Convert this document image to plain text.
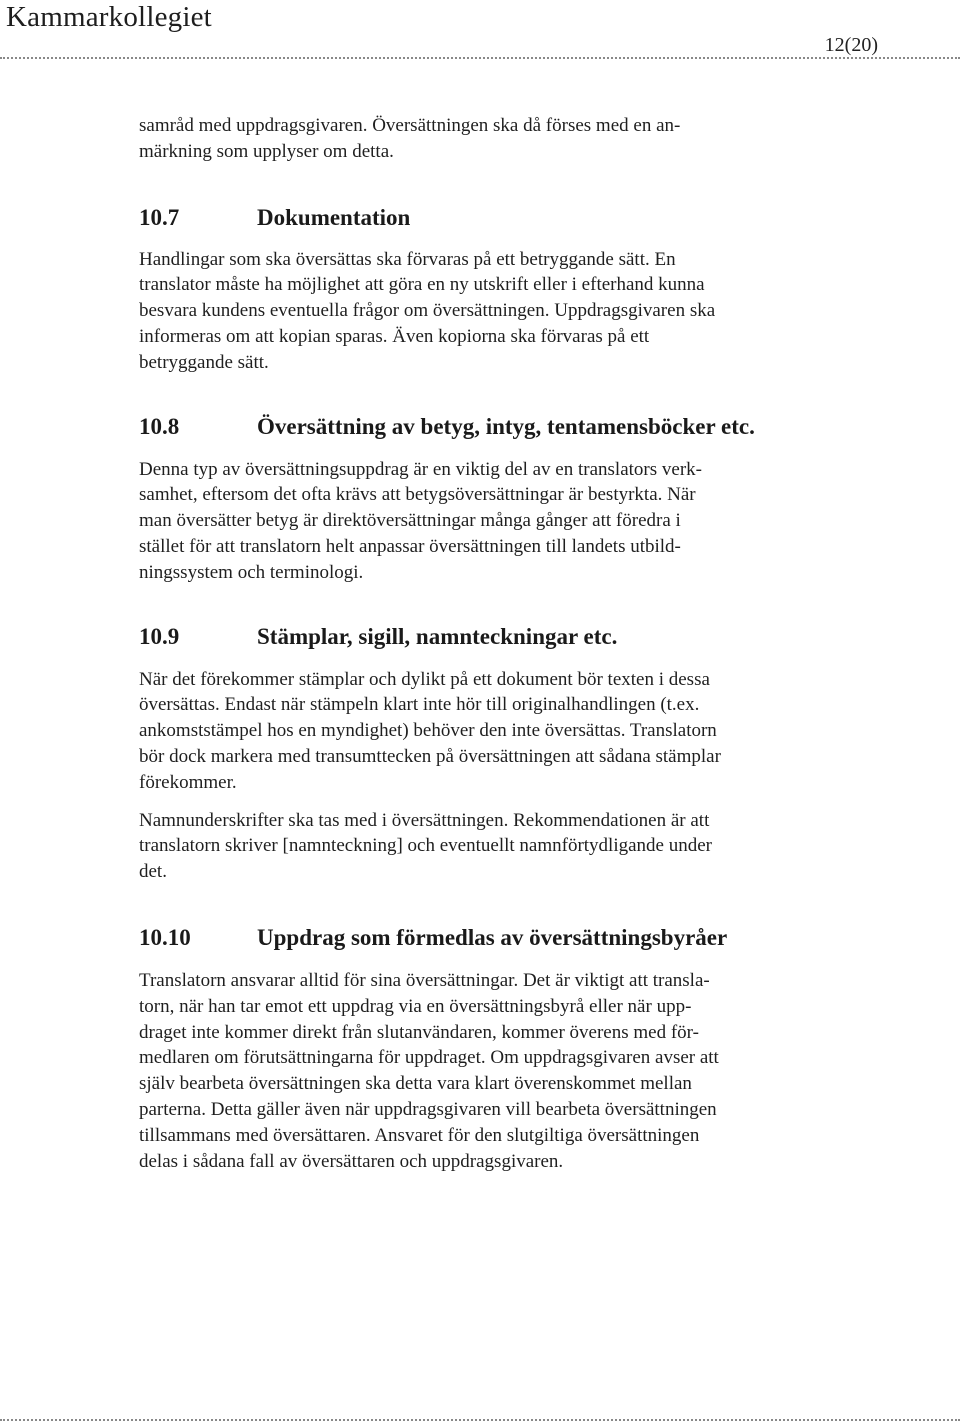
Kammarkollegiet
12(20)

samråd med uppdragsgivaren. Översättningen ska då förses med en an-
märkning som upplyser om detta.

10.7	Dokumentation

Handlingar som ska översättas ska förvaras på ett betryggande sätt. En
translator måste ha möjlighet att göra en ny utskrift eller i efterhand kunna
besvara kundens eventuella frågor om översättningen. Uppdragsgivaren ska
informeras om att kopian sparas. Även kopiorna ska förvaras på ett
betryggande sätt.

10.8	Översättning av betyg, intyg, tentamensböcker etc.

Denna typ av översättningsuppdrag är en viktig del av en translators verk-
samhet, eftersom det ofta krävs att betygsöversättningar är bestyrkta. När
man översätter betyg är direktöversättningar många gånger att föredra i
stället för att translatorn helt anpassar översättningen till landets utbild-
ningssystem och terminologi.

10.9	Stämplar, sigill, namnteckningar etc.

När det förekommer stämplar och dylikt på ett dokument bör texten i dessa
översättas. Endast när stämpeln klart inte hör till originalhandlingen (t.ex.
ankomststämpel hos en myndighet) behöver den inte översättas. Translatorn
bör dock markera med transumttecken på översättningen att sådana stämplar
förekommer.

Namnunderskrifter ska tas med i översättningen. Rekommendationen är att
translatorn skriver [namnteckning] och eventuellt namnförtydligande under
det.

10.10	Uppdrag som förmedlas av översättningsbyråer

Translatorn ansvarar alltid för sina översättningar. Det är viktigt att transla-
torn, när han tar emot ett uppdrag via en översättningsbyrå eller när upp-
draget inte kommer direkt från slutanvändaren, kommer överens med för-
medlaren om förutsättningarna för uppdraget. Om uppdragsgivaren avser att
själv bearbeta översättningen ska detta vara klart överenskommet mellan
parterna. Detta gäller även när uppdragsgivaren vill bearbeta översättningen
tillsammans med översättaren. Ansvaret för den slutgiltiga översättningen
delas i sådana fall av översättaren och uppdragsgivaren.
